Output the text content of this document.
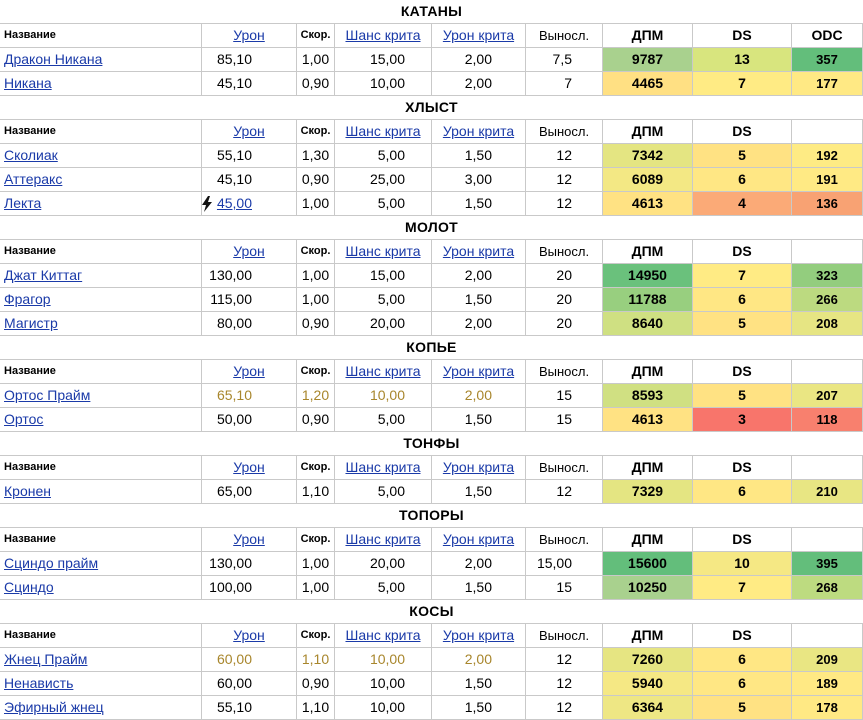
КАТАНЫ
Название	Урон	Скор.	Шанс крита	Урон крита	Выносл.	ДПМ	DS	ODC
Дракон Никана	85,10	1,00	15,00	2,00	7,5	9787	13	357
Никана	45,10	0,90	10,00	2,00	7	4465	7	177
ХЛЫСТ
Название	Урон	Скор.	Шанс крита	Урон крита	Выносл.	ДПМ	DS
Сколиак	55,10	1,30	5,00	1,50	12	7342	5	192
Аттеракс	45,10	0,90	25,00	3,00	12	6089	6	191
Лекта	45,00	1,00	5,00	1,50	12	4613	4	136
МОЛОТ
Название	Урон	Скор.	Шанс крита	Урон крита	Выносл.	ДПМ	DS
Джат Киттаг	130,00	1,00	15,00	2,00	20	14950	7	323
Фрагор	115,00	1,00	5,00	1,50	20	11788	6	266
Магистр	80,00	0,90	20,00	2,00	20	8640	5	208
КОПЬЕ
Название	Урон	Скор.	Шанс крита	Урон крита	Выносл.	ДПМ	DS
Ортос Прайм	65,10	1,20	10,00	2,00	15	8593	5	207
Ортос	50,00	0,90	5,00	1,50	15	4613	3	118
ТОНФЫ
Название	Урон	Скор.	Шанс крита	Урон крита	Выносл.	ДПМ	DS
Кронен	65,00	1,10	5,00	1,50	12	7329	6	210
ТОПОРЫ
Название	Урон	Скор.	Шанс крита	Урон крита	Выносл.	ДПМ	DS
Сциндо прайм	130,00	1,00	20,00	2,00	15,00	15600	10	395
Сциндо	100,00	1,00	5,00	1,50	15	10250	7	268
КОСЫ
Название	Урон	Скор.	Шанс крита	Урон крита	Выносл.	ДПМ	DS
Жнец Прайм	60,00	1,10	10,00	2,00	12	7260	6	209
Ненависть	60,00	0,90	10,00	1,50	12	5940	6	189
Эфирный жнец	55,10	1,10	10,00	1,50	12	6364	5	178
